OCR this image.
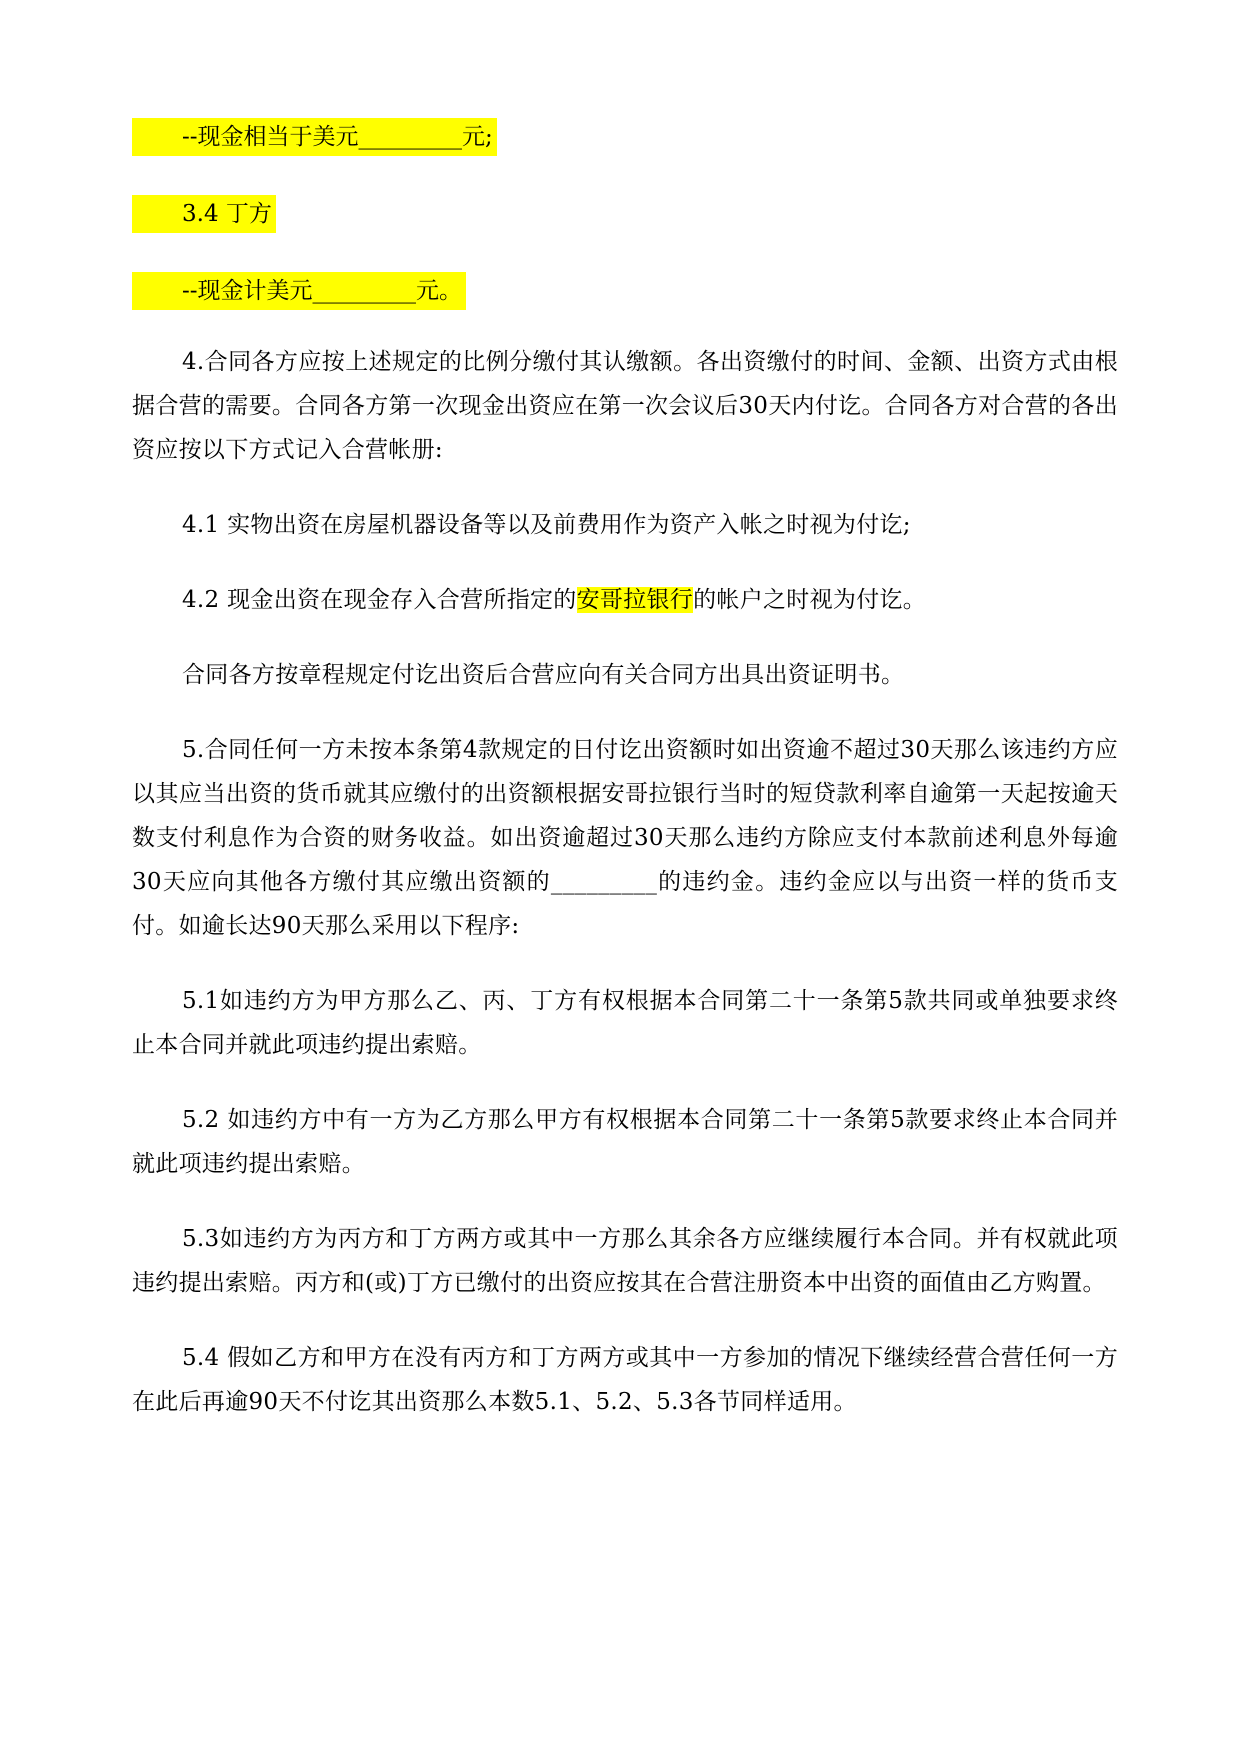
--现金相当于美元_________元;
3.4 丁方
--现金计美元_________元。

4.合同各方应按上述规定的比例分缴付其认缴额。各出资缴付的时间、金额、出资方式由根据合营的需要。合同各方第一次现金出资应在第一次会议后30天内付讫。合同各方对合营的各出资应按以下方式记入合营帐册:

4.1 实物出资在房屋机器设备等以及前费用作为资产入帐之时视为付讫;

4.2 现金出资在现金存入合营所指定的安哥拉银行的帐户之时视为付讫。

合同各方按章程规定付讫出资后合营应向有关合同方出具出资证明书。

5.合同任何一方未按本条第4款规定的日付讫出资额时如出资逾不超过30天那么该违约方应以其应当出资的货币就其应缴付的出资额根据安哥拉银行当时的短贷款利率自逾第一天起按逾天数支付利息作为合资的财务收益。如出资逾超过30天那么违约方除应支付本款前述利息外每逾30天应向其他各方缴付其应缴出资额的_________的违约金。违约金应以与出资一样的货币支付。如逾长达90天那么采用以下程序:

5.1如违约方为甲方那么乙、丙、丁方有权根据本合同第二十一条第5款共同或单独要求终止本合同并就此项违约提出索赔。

5.2 如违约方中有一方为乙方那么甲方有权根据本合同第二十一条第5款要求终止本合同并就此项违约提出索赔。

5.3如违约方为丙方和丁方两方或其中一方那么其余各方应继续履行本合同。并有权就此项违约提出索赔。丙方和(或)丁方已缴付的出资应按其在合营注册资本中出资的面值由乙方购置。

5.4 假如乙方和甲方在没有丙方和丁方两方或其中一方参加的情况下继续经营合营任何一方在此后再逾90天不付讫其出资那么本数5.1、5.2、5.3各节同样适用。
